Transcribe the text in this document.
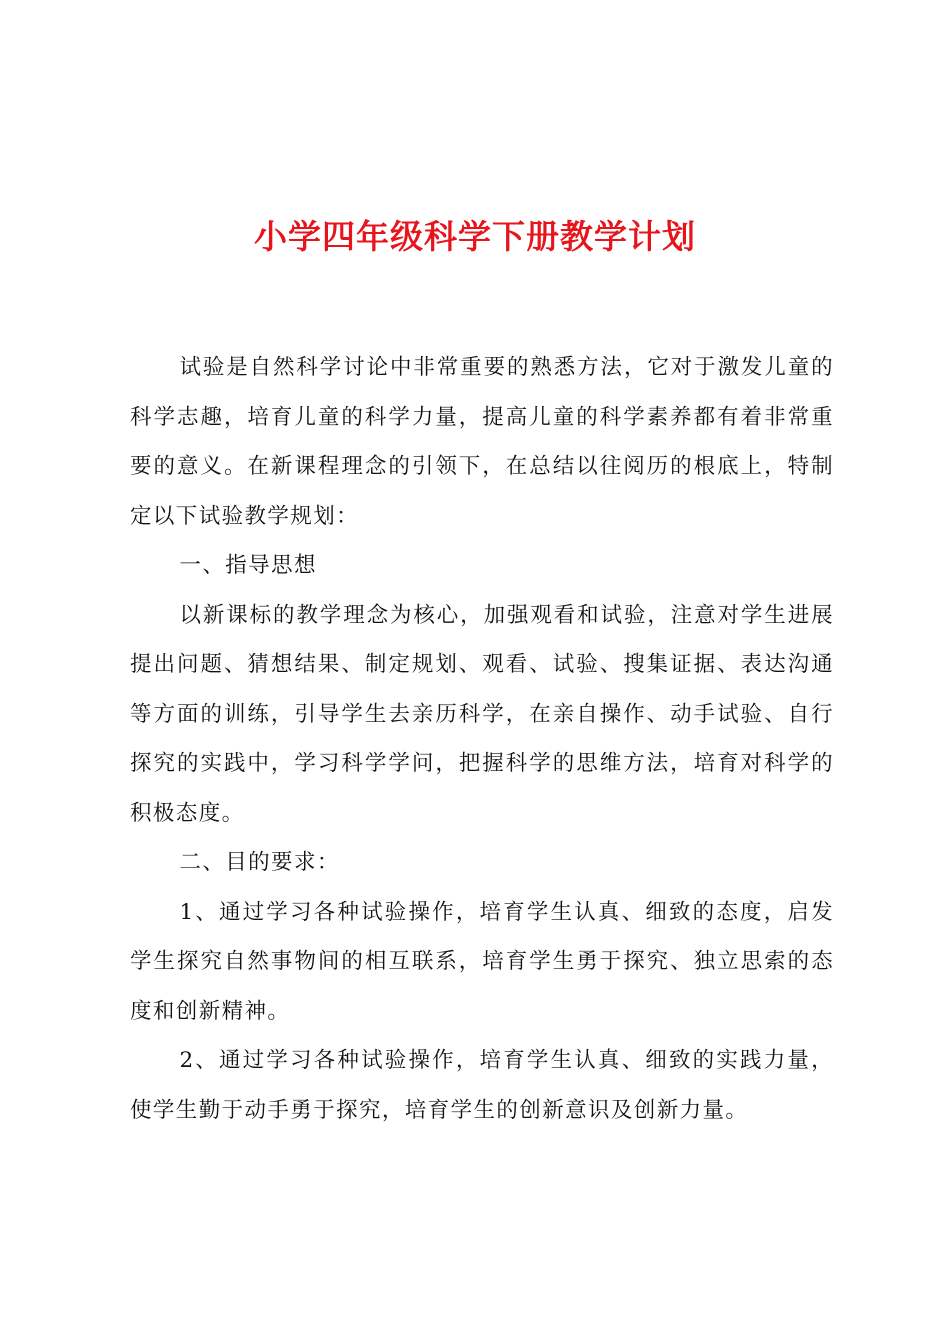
小学四年级科学下册教学计划

试验是自然科学讨论中非常重要的熟悉方法，它对于激发儿童的科学志趣，培育儿童的科学力量，提高儿童的科学素养都有着非常重要的意义。在新课程理念的引领下，在总结以往阅历的根底上，特制定以下试验教学规划：

一、指导思想

以新课标的教学理念为核心，加强观看和试验，注意对学生进展提出问题、猜想结果、制定规划、观看、试验、搜集证据、表达沟通等方面的训练，引导学生去亲历科学，在亲自操作、动手试验、自行探究的实践中，学习科学学问，把握科学的思维方法，培育对科学的积极态度。

二、目的要求：

1、通过学习各种试验操作，培育学生认真、细致的态度，启发学生探究自然事物间的相互联系，培育学生勇于探究、独立思索的态度和创新精神。

2、通过学习各种试验操作，培育学生认真、细致的实践力量，使学生勤于动手勇于探究，培育学生的创新意识及创新力量。
